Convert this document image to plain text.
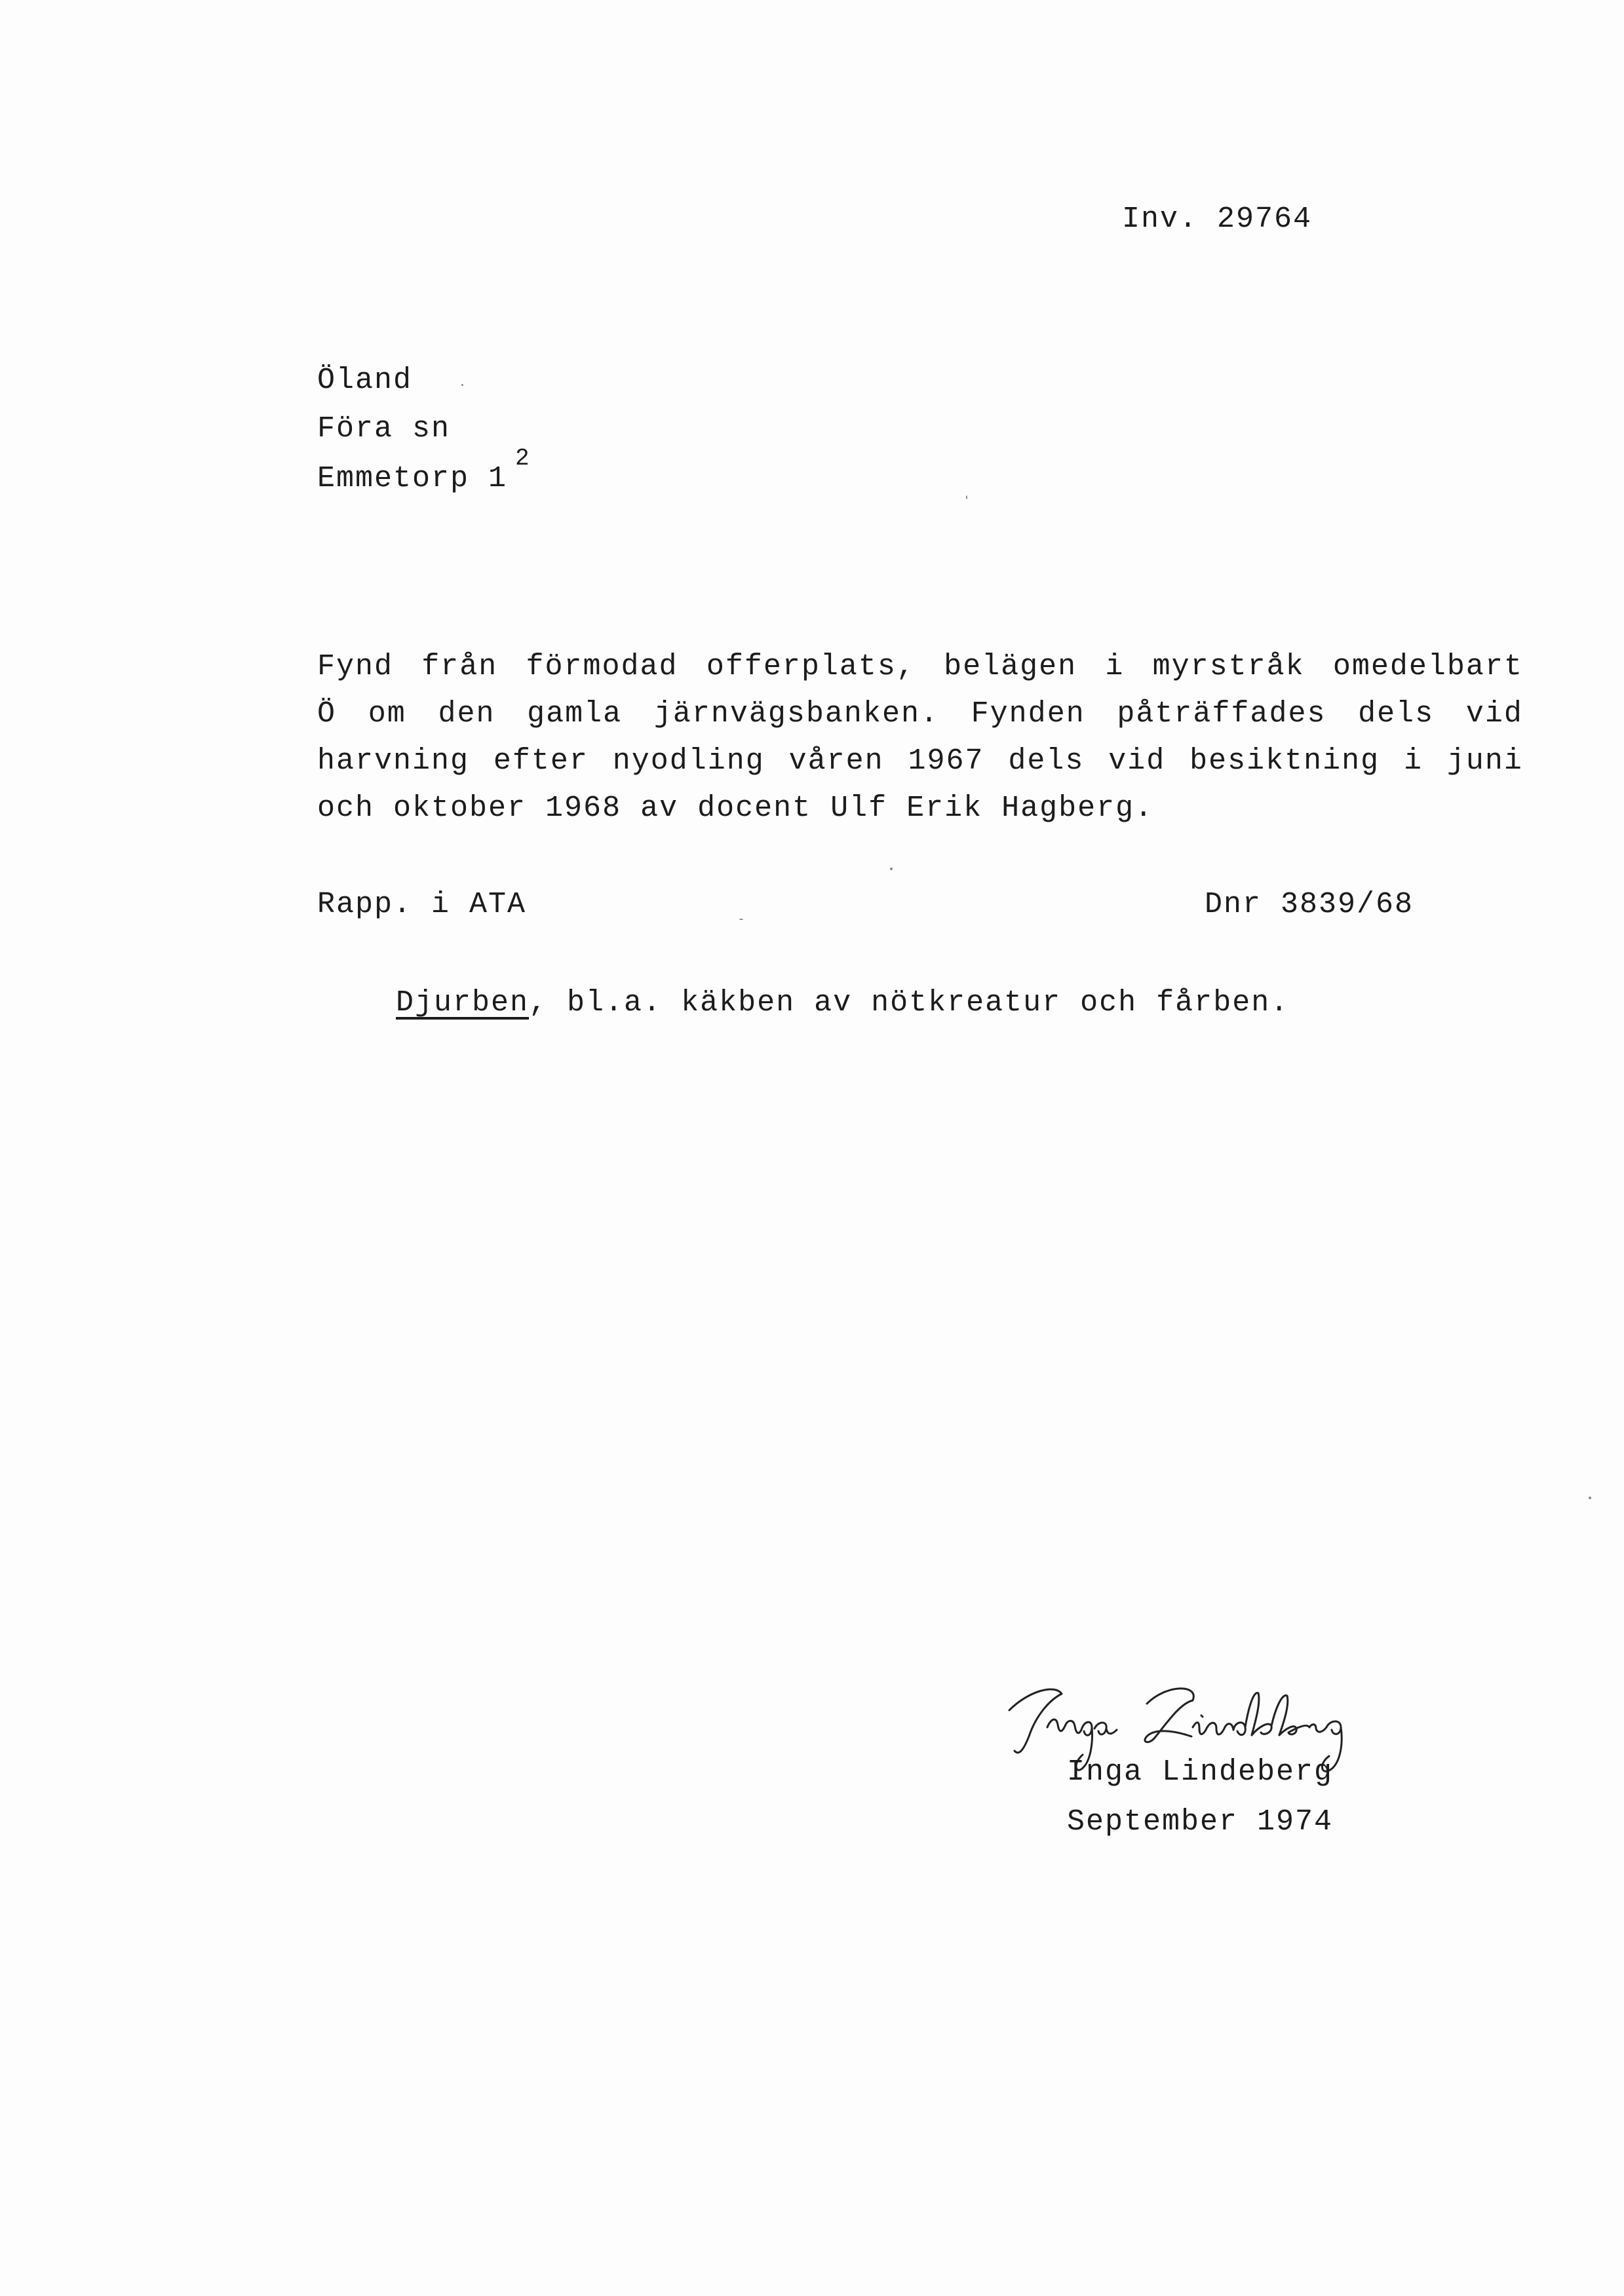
Inv. 29764
Öland
Föra sn
Emmetorp 1
2
Fynd från förmodad offerplats, belägen i myrstråk omedelbart
Ö om den gamla järnvägsbanken. Fynden påträffades dels vid
harvning efter nyodling våren 1967 dels vid besiktning i juni
och oktober 1968 av docent Ulf Erik Hagberg.
Rapp. i ATA	Dnr 3839/68
Djurben, bl.a. käkben av nötkreatur och fårben.
Inga Lindeberg
September 1974
